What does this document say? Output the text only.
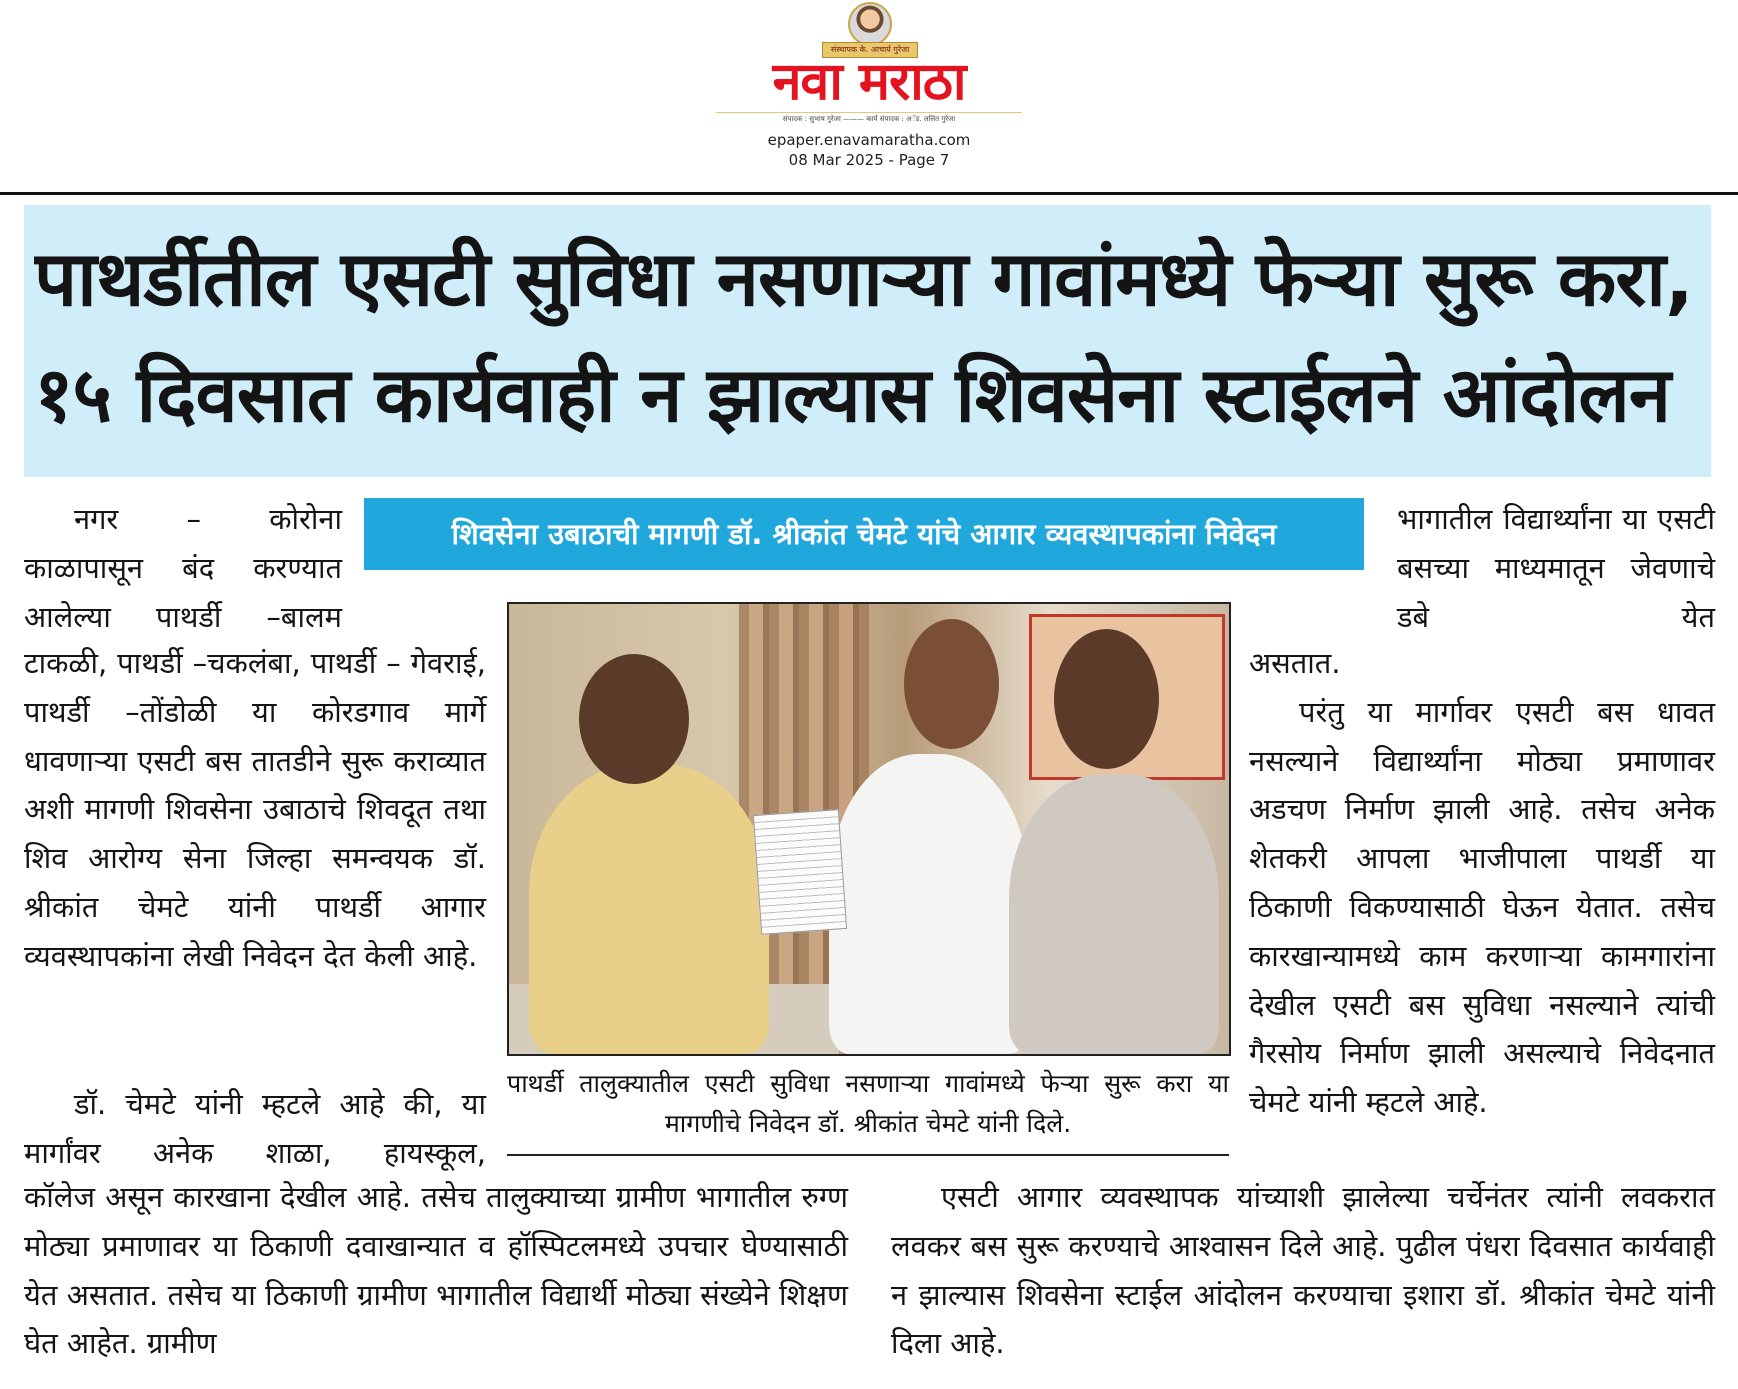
संस्थापक के. आचार्य गुरेजा
नवा मराठा
संपादक : सुभाष गुरेजा ——— कार्य संपादक : अॅड. ललित गुरेजा
epaper.enavamaratha.com
08 Mar 2025 - Page 7
पाथर्डीतील एसटी सुविधा नसणाऱ्या गावांमध्ये फेऱ्या सुरू करा,
१५ दिवसात कार्यवाही न झाल्यास शिवसेना स्टाईलने आंदोलन
शिवसेना उबाठाची मागणी डॉ. श्रीकांत चेमटे यांचे आगार व्यवस्थापकांना निवेदन
पाथर्डी तालुक्यातील एसटी सुविधा नसणाऱ्या गावांमध्ये फेऱ्या सुरू करा या मागणीचे निवेदन डॉ. श्रीकांत चेमटे यांनी दिले.
नगर – कोरोना काळापासून बंद करण्यात आलेल्या पाथर्डी –बालम
टाकळी, पाथर्डी –चकलंबा, पाथर्डी – गेवराई, पाथर्डी –तोंडोळी या कोरडगाव मार्गे धावणाऱ्या एसटी बस तातडीने सुरू कराव्यात अशी मागणी शिवसेना उबाठाचे शिवदूत तथा शिव आरोग्य सेना जिल्हा समन्वयक डॉ. श्रीकांत चेमटे यांनी पाथर्डी आगार व्यवस्थापकांना लेखी निवेदन देत केली आहे.
डॉ. चेमटे यांनी म्हटले आहे की, या मार्गांवर अनेक शाळा, हायस्कूल,
कॉलेज असून कारखाना देखील आहे. तसेच तालुक्याच्या ग्रामीण भागातील रुग्ण मोठ्या प्रमाणावर या ठिकाणी दवाखान्यात व हॉस्पिटलमध्ये उपचार घेण्यासाठी येत असतात. तसेच या ठिकाणी ग्रामीण भागातील विद्यार्थी मोठ्या संख्येने शिक्षण घेत आहेत. ग्रामीण
भागातील विद्यार्थ्यांना या एसटी बसच्या माध्यमातून जेवणाचे डबे येत
असतात.
परंतु या मार्गावर एसटी बस धावत नसल्याने विद्यार्थ्यांना मोठ्या प्रमाणावर अडचण निर्माण झाली आहे. तसेच अनेक शेतकरी आपला भाजीपाला पाथर्डी या ठिकाणी विकण्यासाठी घेऊन येतात. तसेच कारखान्यामध्ये काम करणाऱ्या कामगारांना देखील एसटी बस सुविधा नसल्याने त्यांची गैरसोय निर्माण झाली असल्याचे निवेदनात चेमटे यांनी म्हटले आहे.
एसटी आगार व्यवस्थापक यांच्याशी झालेल्या चर्चेनंतर त्यांनी लवकरात लवकर बस सुरू करण्याचे आश्वासन दिले आहे. पुढील पंधरा दिवसात कार्यवाही न झाल्यास शिवसेना स्टाईल आंदोलन करण्याचा इशारा डॉ. श्रीकांत चेमटे यांनी दिला आहे.
